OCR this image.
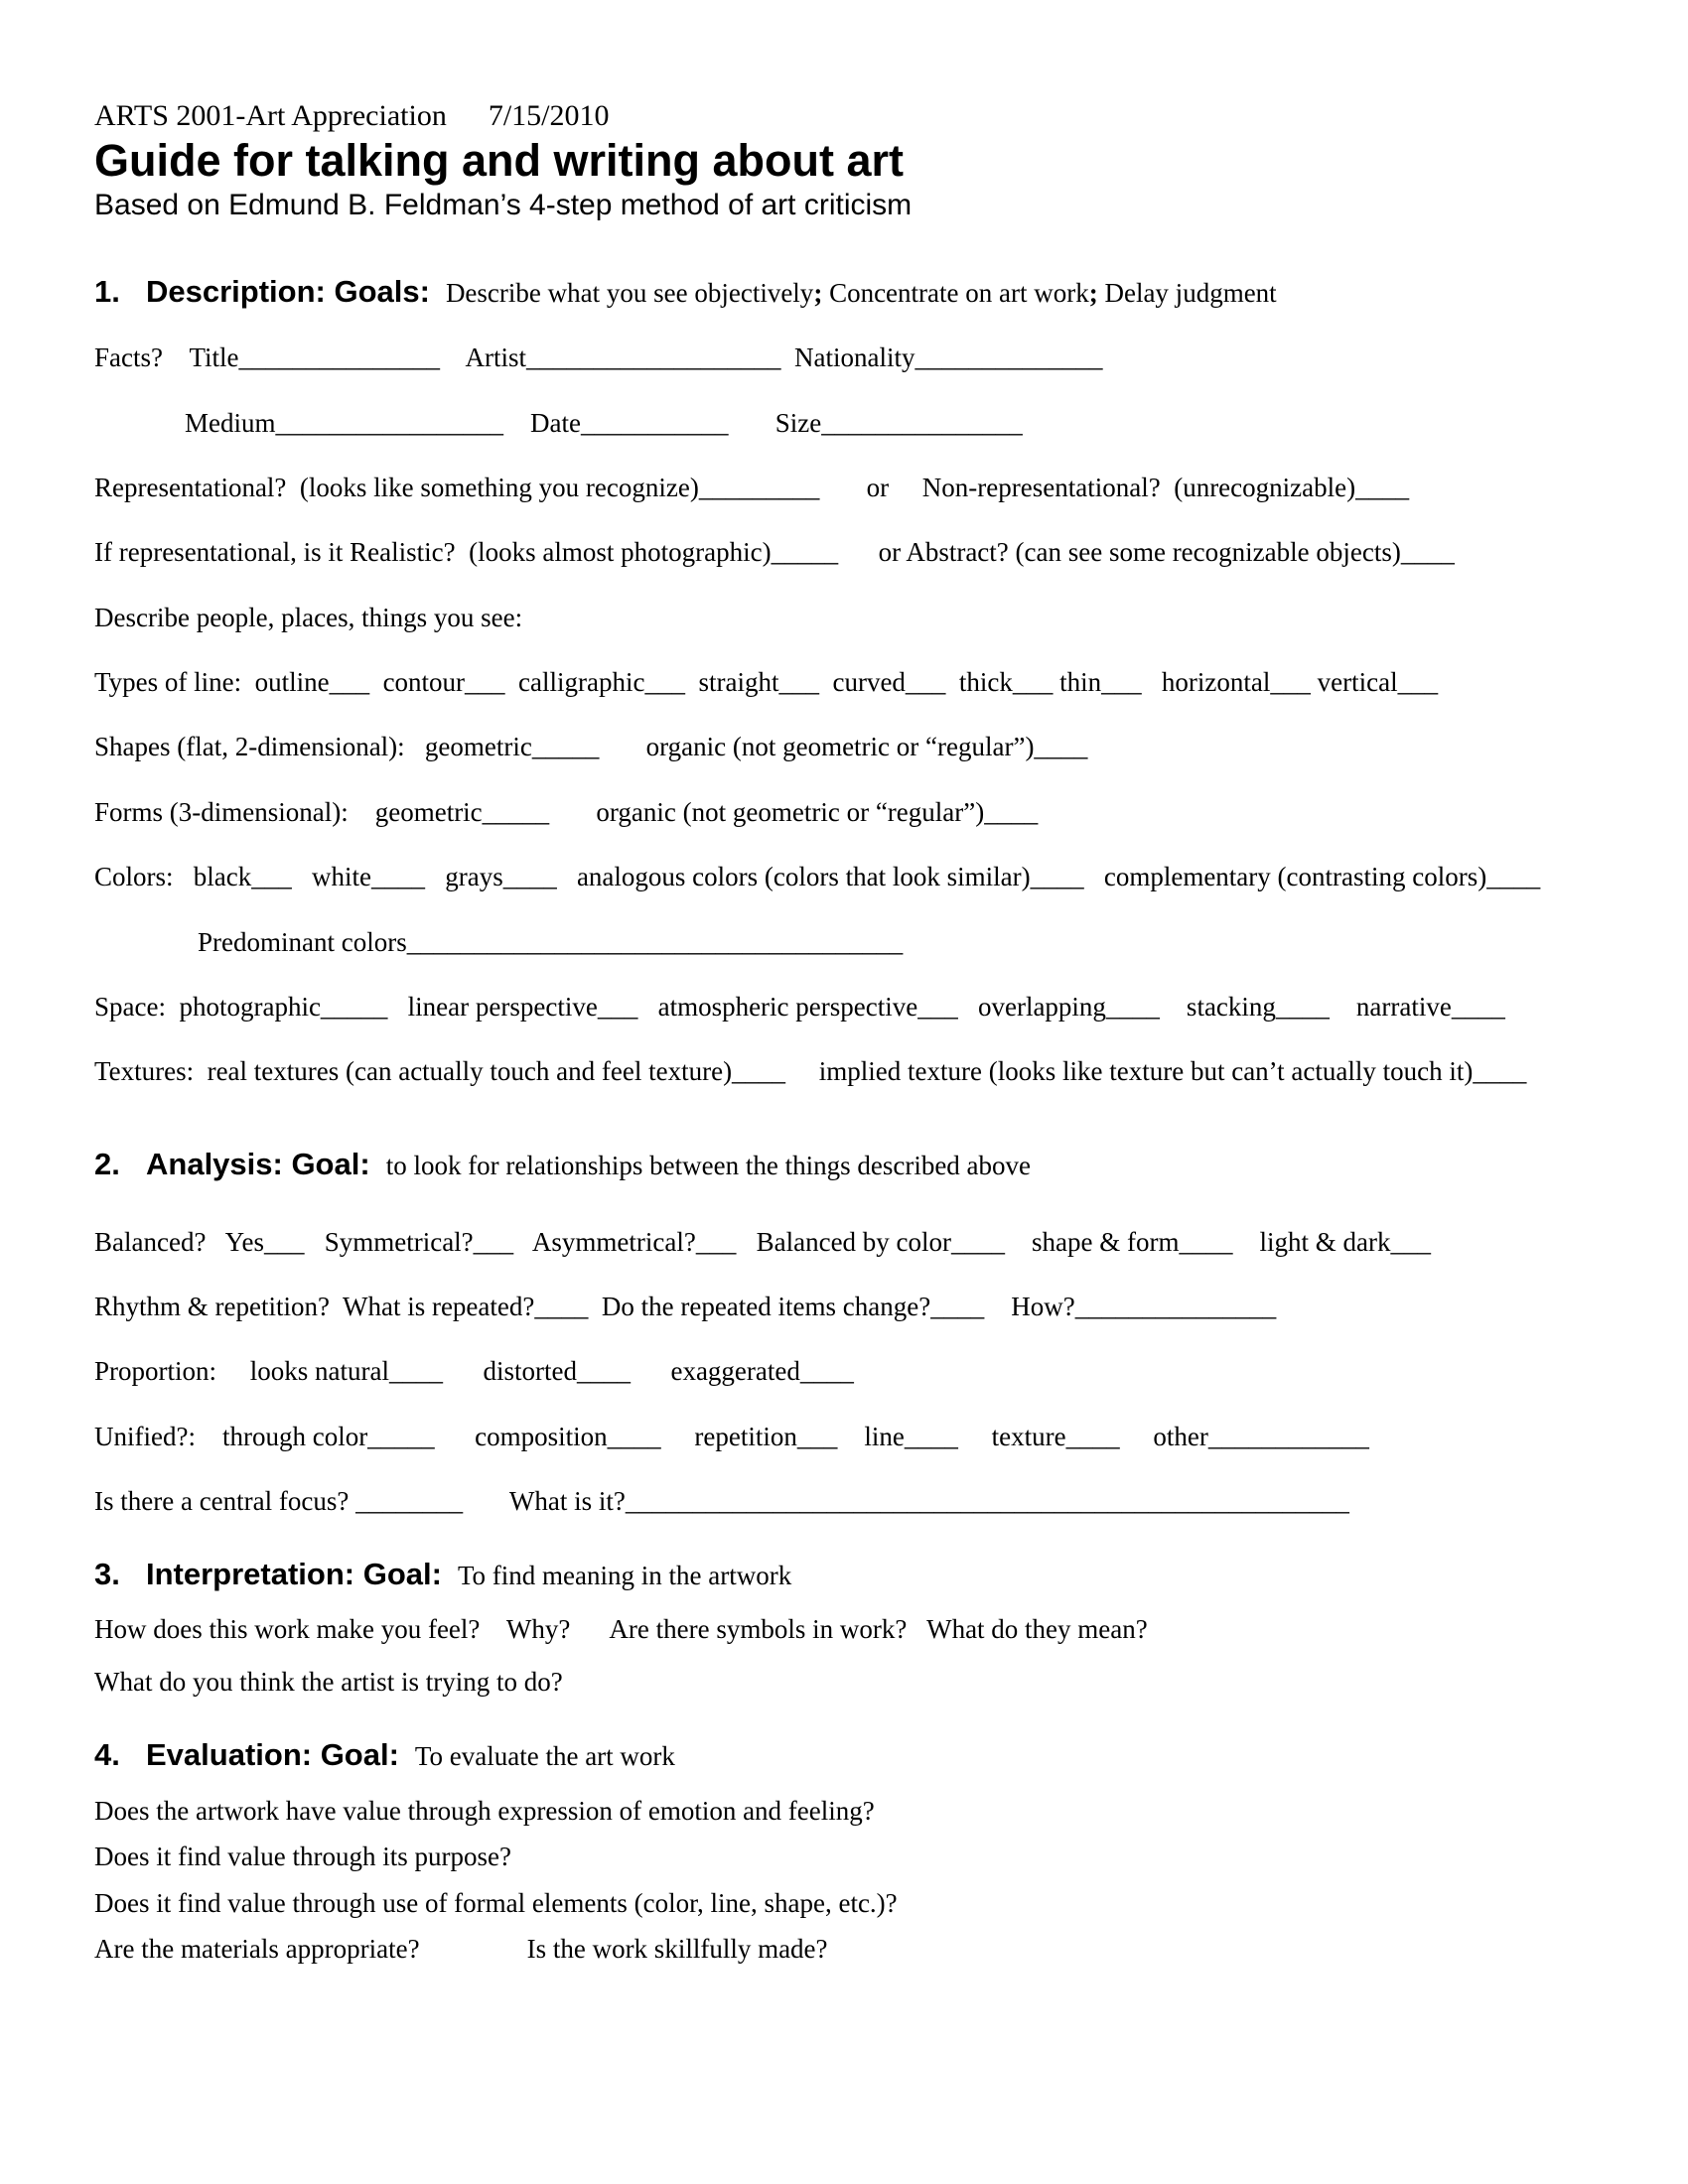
ARTS 2001-Art Appreciation 7/15/2010
Guide for talking and writing about art
Based on Edmund B. Feldman’s 4-step method of art criticism
1. Description: Goals: Describe what you see objectively; Concentrate on art work; Delay judgment
Facts?    Title_______________    Artist___________________  Nationality______________
Medium_________________    Date___________       Size_______________
Representational?  (looks like something you recognize)_________       or     Non-representational?  (unrecognizable)____
If representational, is it Realistic?  (looks almost photographic)_____      or Abstract? (can see some recognizable objects)____
Describe people, places, things you see:
Types of line:  outline___  contour___  calligraphic___  straight___  curved___  thick___ thin___   horizontal___ vertical___
Shapes (flat, 2-dimensional):   geometric_____       organic (not geometric or “regular”)____
Forms (3-dimensional):    geometric_____       organic (not geometric or “regular”)____
Colors:   black___   white____   grays____   analogous colors (colors that look similar)____   complementary (contrasting colors)____
Predominant colors_____________________________________
Space:  photographic_____   linear perspective___   atmospheric perspective___   overlapping____    stacking____    narrative____
Textures:  real textures (can actually touch and feel texture)____     implied texture (looks like texture but can’t actually touch it)____
2. Analysis: Goal: to look for relationships between the things described above
Balanced?   Yes___   Symmetrical?___   Asymmetrical?___   Balanced by color____    shape & form____    light & dark___
Rhythm & repetition?  What is repeated?____  Do the repeated items change?____    How?_______________
Proportion:     looks natural____      distorted____      exaggerated____
Unified?:    through color_____      composition____     repetition___    line____     texture____     other____________
Is there a central focus? ________       What is it?______________________________________________________
3. Interpretation: Goal: To find meaning in the artwork
How does this work make you feel?    Why?      Are there symbols in work?   What do they mean?
What do you think the artist is trying to do?
4. Evaluation: Goal: To evaluate the art work
Does the artwork have value through expression of emotion and feeling?
Does it find value through its purpose?
Does it find value through use of formal elements (color, line, shape, etc.)?
Are the materials appropriate?                Is the work skillfully made?
